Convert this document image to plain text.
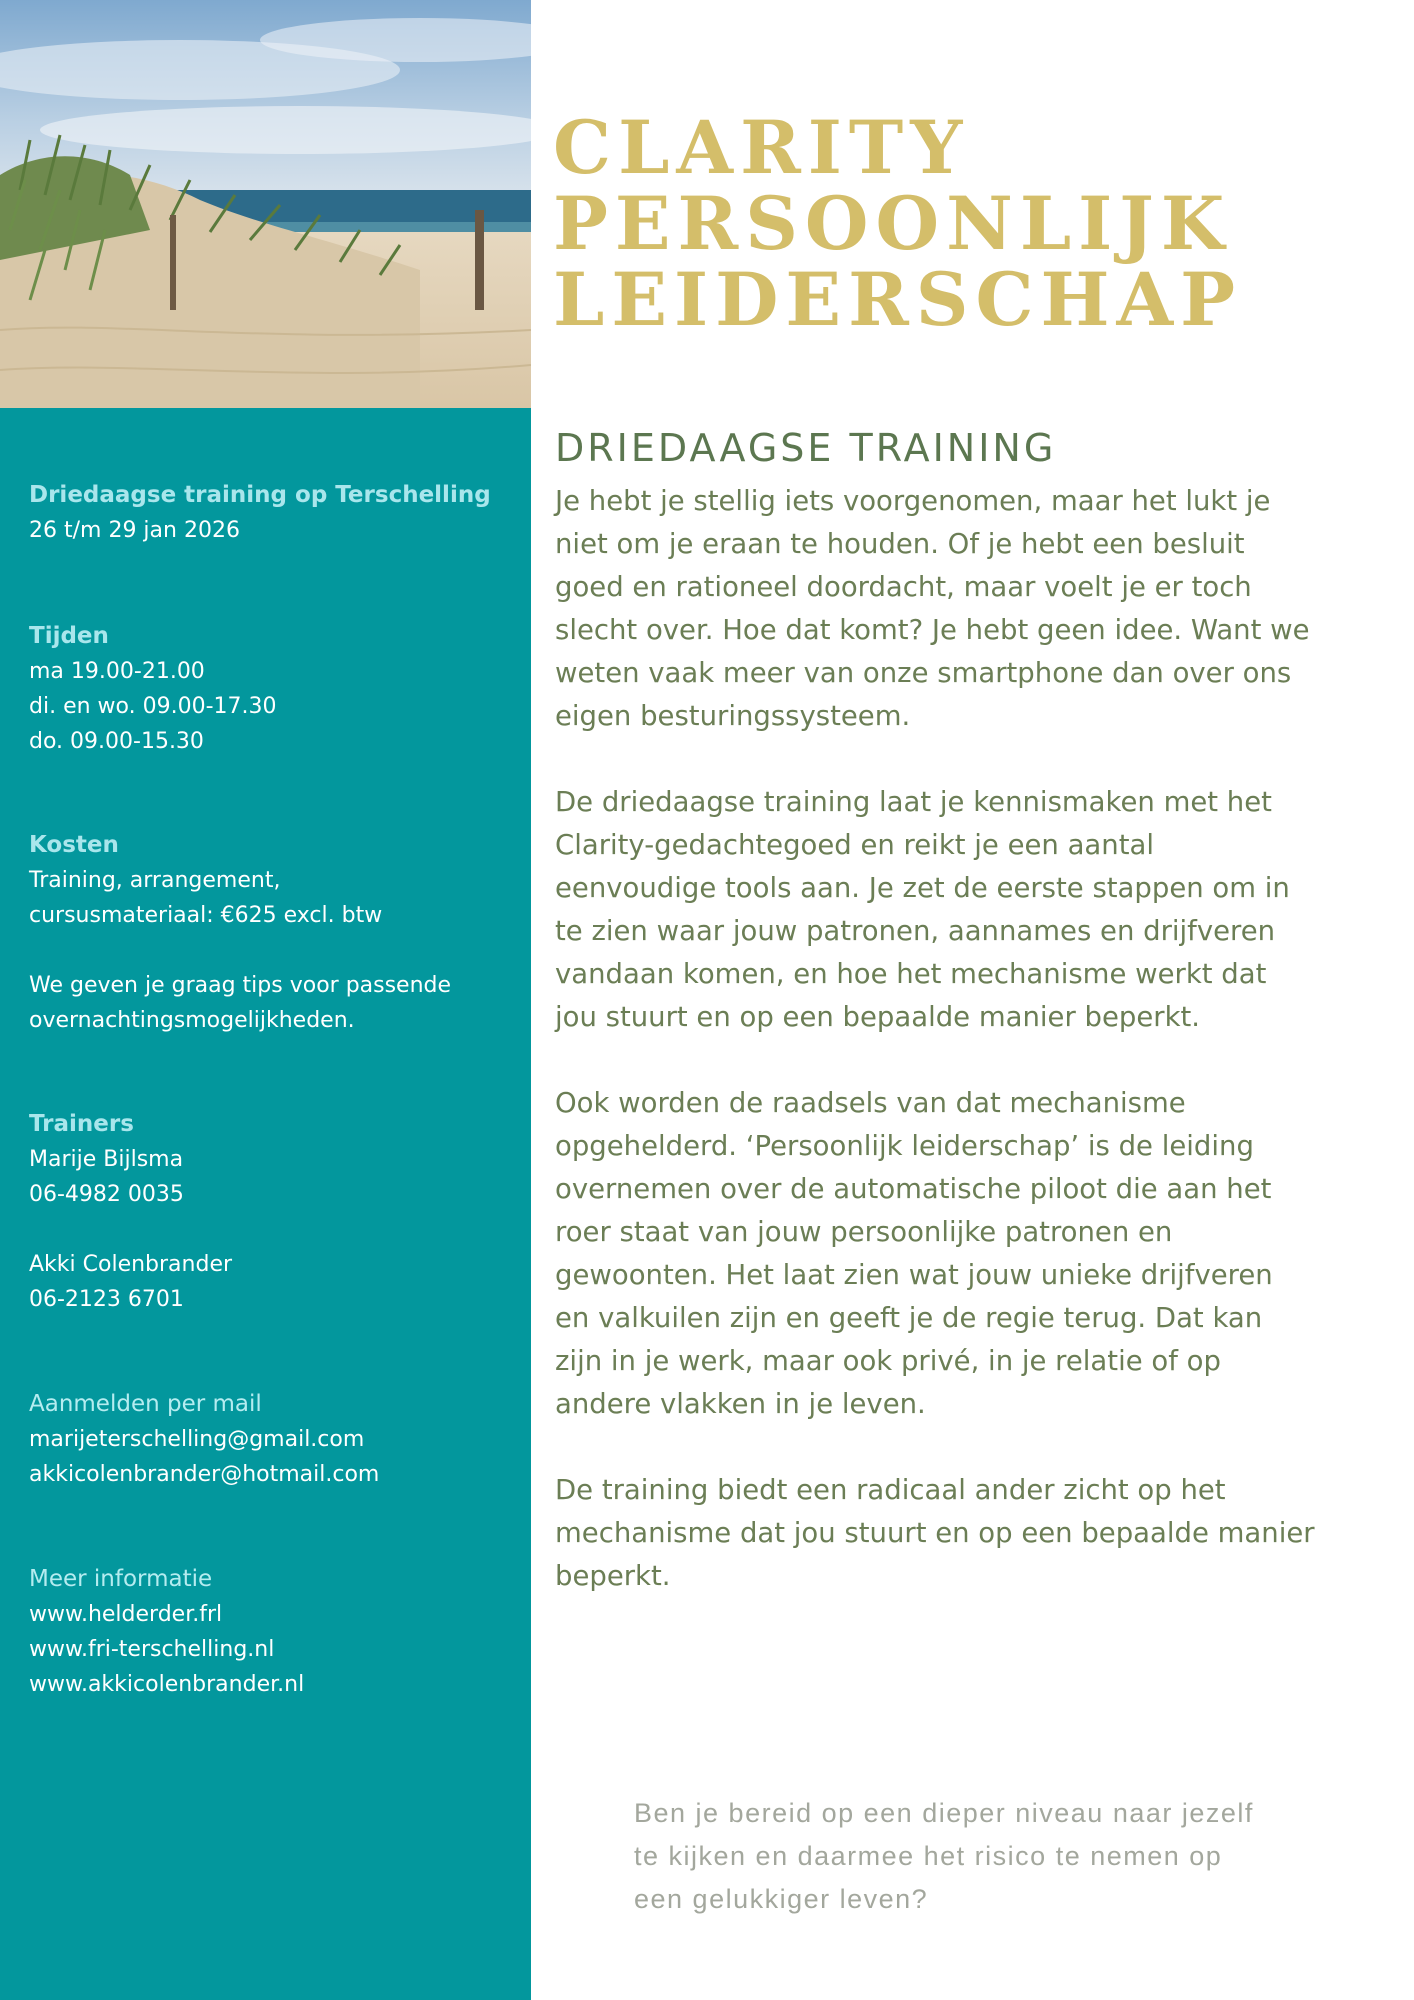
CLARITY
PERSOONLIJK
LEIDERSCHAP
Driedaagse training op Terschelling
26 t/m 29 jan 2026
Tijden
ma 19.00-21.00
di. en wo. 09.00-17.30
do. 09.00-15.30
Kosten
Training, arrangement,
cursusmateriaal: €625 excl. btw
We geven je graag tips voor passende
overnachtingsmogelijkheden.
Trainers
Marije Bijlsma
06-4982 0035
Akki Colenbrander
06-2123 6701
Aanmelden per mail
marijeterschelling@gmail.com
akkicolenbrander@hotmail.com
Meer informatie
www.helderder.frl
www.fri-terschelling.nl
www.akkicolenbrander.nl
DRIEDAAGSE TRAINING

Je hebt je stellig iets voorgenomen, maar het lukt je niet om je eraan te houden. Of je hebt een besluit goed en rationeel doordacht, maar voelt je er toch slecht over. Hoe dat komt? Je hebt geen idee. Want we weten vaak meer van onze smartphone dan over ons eigen besturingssysteem.

De driedaagse training laat je kennismaken met het Clarity-gedachtegoed en reikt je een aantal eenvoudige tools aan. Je zet de eerste stappen om in te zien waar jouw patronen, aannames en drijfveren vandaan komen, en hoe het mechanisme werkt dat jou stuurt en op een bepaalde manier beperkt.

Ook worden de raadsels van dat mechanisme opgehelderd. ‘Persoonlijk leiderschap’ is de leiding overnemen over de automatische piloot die aan het roer staat van jouw persoonlijke patronen en gewoonten. Het laat zien wat jouw unieke drijfveren en valkuilen zijn en geeft je de regie terug. Dat kan zijn in je werk, maar ook privé, in je relatie of op andere vlakken in je leven.

De training biedt een radicaal ander zicht op het mechanisme dat jou stuurt en op een bepaalde manier beperkt.

Ben je bereid op een dieper niveau naar jezelf te kijken en daarmee het risico te nemen op een gelukkiger leven?
